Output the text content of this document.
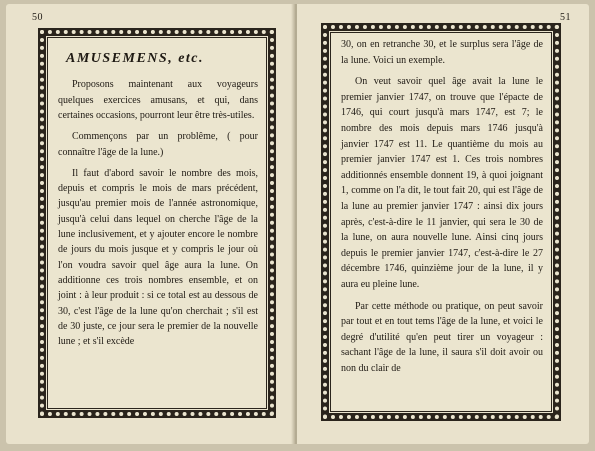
50
AMUSEMENS, etc.

Proposons maintenant aux voyageurs quelques exercices amusans, et qui, dans certaines occasions, pourront leur être très-utiles.

Commençons par un problême, ( pour connaître l'âge de la lune.)

Il faut d'abord savoir le nombre des mois, depuis et compris le mois de mars précédent, jusqu'au premier mois de l'année astronomique, jusqu'à celui dans lequel on cherche l'âge de la lune inclusivement, et y ajouter encore le nombre de jours du mois jusque et y compris le jour où l'on voudra savoir quel âge aura la lune. On additionne ces trois nombres ensemble, et on joint : à leur produit : si ce total est au dessous de 30, c'est l'âge de la lune qu'on cherchait ; s'il est de 30 juste, ce jour sera le premier de la nouvelle lune ; et s'il excède

51

30, on en retranche 30, et le surplus sera l'âge de la lune. Voici un exemple.

On veut savoir quel âge avait la lune le premier janvier 1747, on trouve que l'épacte de 1746, qui court jusqu'à mars 1747, est 7; le nombre des mois depuis mars 1746 jusqu'à janvier 1747 est 11. Le quantième du mois au premier janvier 1747 est 1. Ces trois nombres additionnés ensemble donnent 19, à quoi joignant 1, comme on l'a dit, le tout fait 20, qui est l'âge de la lune au premier janvier 1747 : ainsi dix jours après, c'est-à-dire le 11 janvier, qui sera le 30 de la lune, on aura nouvelle lune. Ainsi cinq jours depuis le premier janvier 1747, c'est-à-dire le 27 décembre 1746, quinzième jour de la lune, il y aura eu pleine lune.

Par cette méthode ou pratique, on peut savoir par tout et en tout tems l'âge de la lune, et voici le degré d'utilité qu'en peut tirer un voyageur : sachant l'âge de la lune, il saura s'il doit avoir ou non du clair de
